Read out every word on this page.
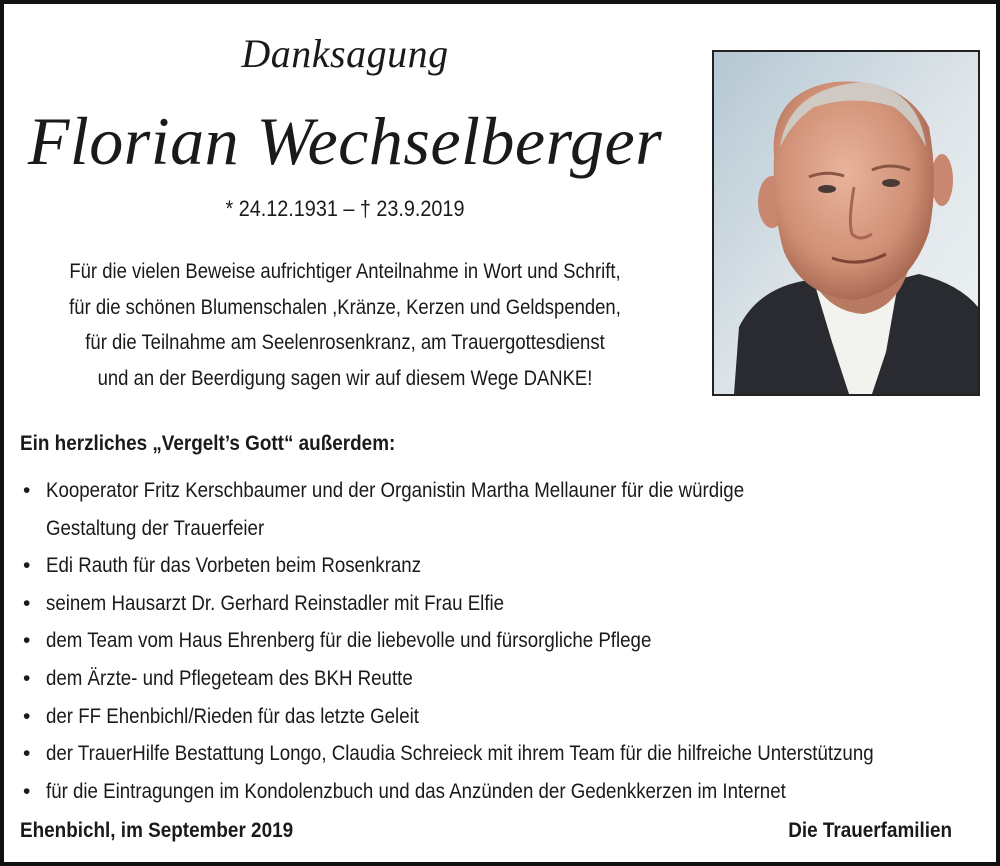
Danksagung
Florian Wechselberger
* 24.12.1931 – † 23.9.2019
Für die vielen Beweise aufrichtiger Anteilnahme in Wort und Schrift,
für die schönen Blumenschalen ,Kränze, Kerzen und Geldspenden,
für die Teilnahme am Seelenrosenkranz, am Trauergottesdienst
und an der Beerdigung sagen wir auf diesem Wege DANKE!
Ein herzliches „Vergelt’s Gott“ außerdem:
• Kooperator Fritz Kerschbaumer und der Organistin Martha Mellauner für die würdige
Gestaltung der Trauerfeier
• Edi Rauth für das Vorbeten beim Rosenkranz
• seinem Hausarzt Dr. Gerhard Reinstadler mit Frau Elfie
• dem Team vom Haus Ehrenberg für die liebevolle und fürsorgliche Pflege
• dem Ärzte- und Pflegeteam des BKH Reutte
• der FF Ehenbichl/Rieden für das letzte Geleit
• der TrauerHilfe Bestattung Longo, Claudia Schreieck mit ihrem Team für die hilfreiche Unterstützung
• für die Eintragungen im Kondolenzbuch und das Anzünden der Gedenkkerzen im Internet
Ehenbichl, im September 2019	Die Trauerfamilien
